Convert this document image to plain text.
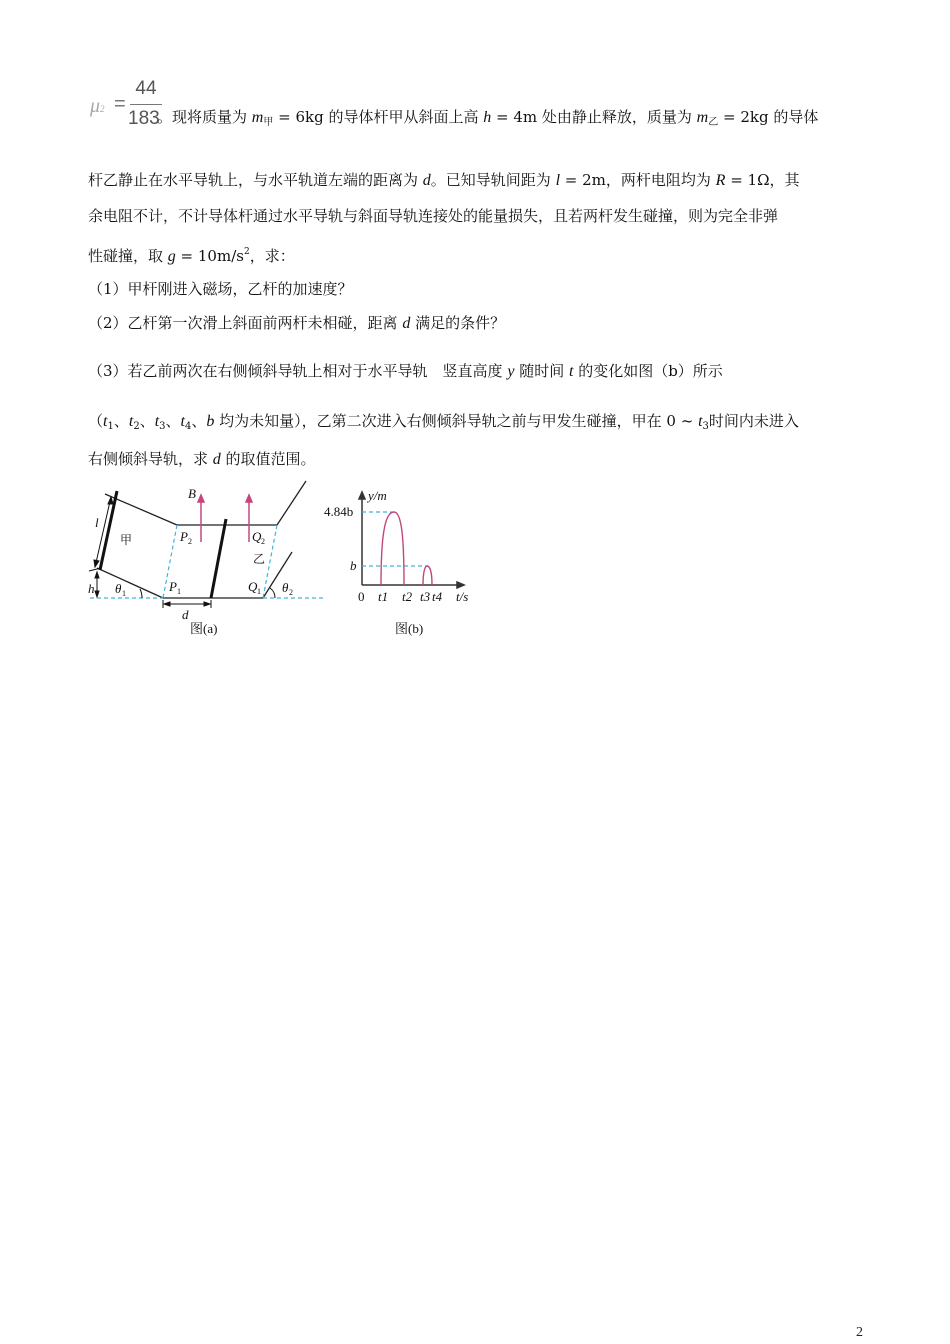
μ2 =
44
183
。现将质量为 $m_甲 = 6kg$ 的导体杆甲从斜面上高 h = 4m 处由静止释放，质量为 $m_乙 = 2kg$ 的导体
杆乙静止在水平导轨上，与水平轨道左端的距离为 d。已知导轨间距为 l = 2m，两杆电阻均为 R = 1Ω，其
余电阻不计，不计导体杆通过水平导轨与斜面导轨连接处的能量损失，且若两杆发生碰撞，则为完全非弹
性碰撞，取 $g = 10m/s^2$，求：
（1）甲杆刚进入磁场，乙杆的加速度？
（2）乙杆第一次滑上斜面前两杆未相碰，距离 d 满足的条件？
（3）若乙前两次在右侧倾斜导轨上相对于水平导轨　竖直高度 y 随时间 t 的变化如图（b）所示
（$t_1$、$t_2$、$t_3$、$t_4$、b 均为未知量），乙第二次进入右侧倾斜导轨之前与甲发生碰撞，甲在 0 ~ $t_3$时间内未进入
右侧倾斜导轨，求 d 的取值范围。
B
l
甲
乙
h θ 1	θ 2
P 2
P 1
Q 2
Q 1
d
图(a)
y/m
4.84b
b
0 t1 t2 t3 t4 t/s
图(b)
2
